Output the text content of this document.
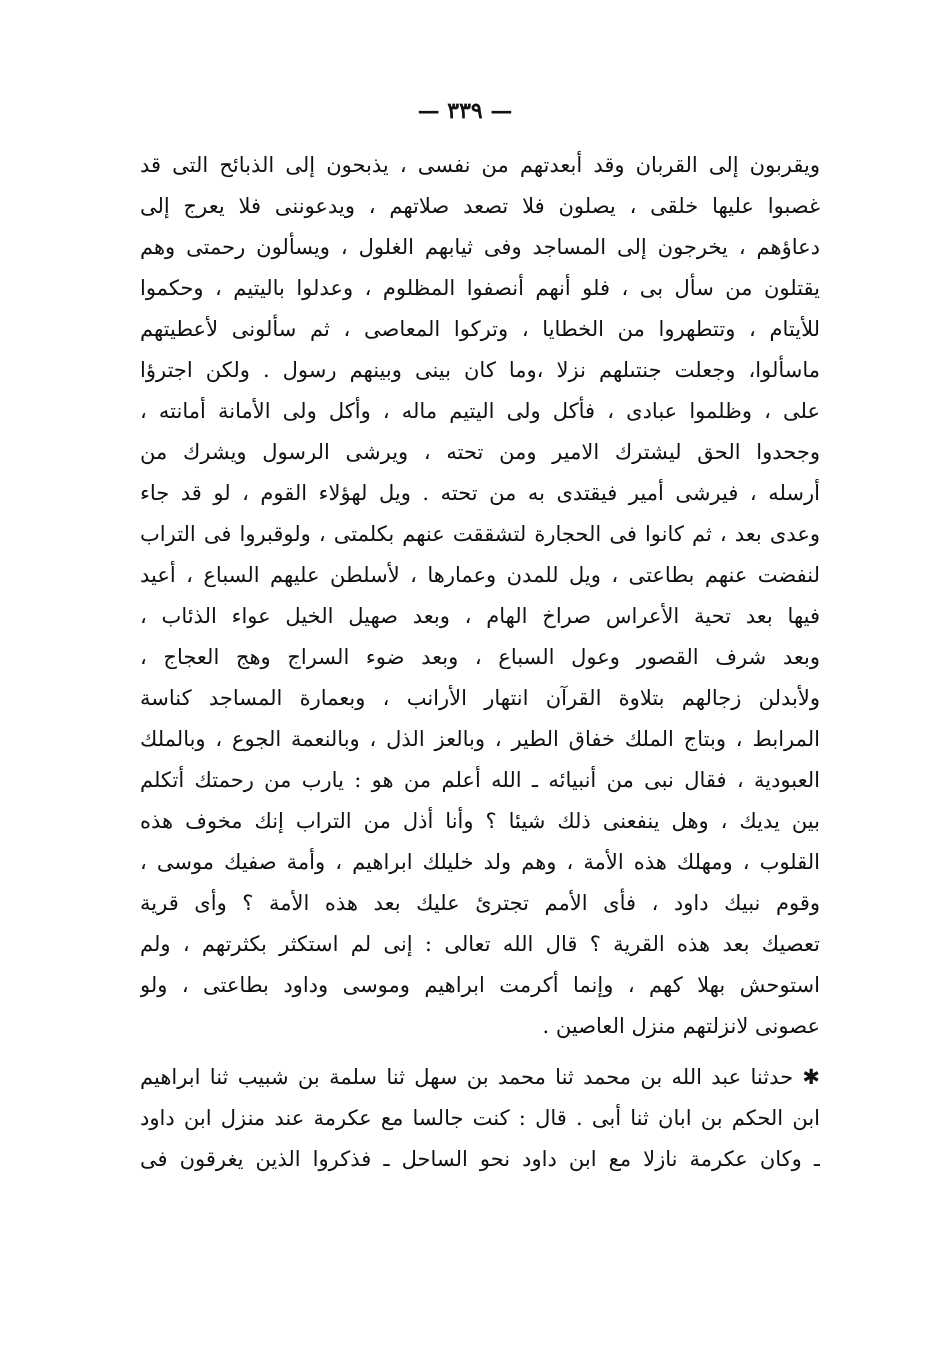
— ٣٣٩ —
ويقربون إلى القربان وقد أبعدتهم من نفسى ، يذبحون إلى الذبائح التى قد
غصبوا عليها خلقى ، يصلون فلا تصعد صلاتهم ، ويدعوننى فلا يعرج إلى
دعاؤهم ، يخرجون إلى المساجد وفى ثيابهم الغلول ، ويسألون رحمتى وهم
يقتلون من سأل بى ، فلو أنهم أنصفوا المظلوم ، وعدلوا باليتيم ، وحكموا
للأيتام ، وتتطهروا من الخطايا ، وتركوا المعاصى ، ثم سألونى لأعطيتهم
ماسألوا، وجعلت جنتىلهم نزلا ،وما كان بينى وبينهم رسول . ولكن اجترؤا
على ، وظلموا عبادى ، فأكل ولى اليتيم ماله ، وأكل ولى الأمانة أمانته ،
وجحدوا الحق ليشترك الامير ومن تحته ، ويرشى الرسول ويشرك من
أرسله ، فيرشى أمير فيقتدى به من تحته . ويل لهؤلاء القوم ، لو قد جاء
وعدى بعد ، ثم كانوا فى الحجارة لتشققت عنهم بكلمتى ، ولوقبروا فى التراب
لنفضت عنهم بطاعتى ، ويل للمدن وعمارها ، لأسلطن عليهم السباع ، أعيد
فيها بعد تحية الأعراس صراخ الهام ، وبعد صهيل الخيل عواء الذئاب ،
وبعد شرف القصور وعول السباع ، وبعد ضوء السراج وهج العجاج ،
ولأبدلن زجالهم بتلاوة القرآن انتهار الأرانب ، وبعمارة المساجد كناسة
المرابط ، وبتاج الملك خفاق الطير ، وبالعز الذل ، وبالنعمة الجوع ، وبالملك
العبودية ، فقال نبى من أنبيائه ـ الله أعلم من هو : يارب من رحمتك أتكلم
بين يديك ، وهل ينفعنى ذلك شيئا ؟ وأنا أذل من التراب إنك مخوف هذه
القلوب ، ومهلك هذه الأمة ، وهم ولد خليلك ابراهيم ، وأمة صفيك موسى ،
وقوم نبيك داود ، فأى الأمم تجترئ عليك بعد هذه الأمة ؟ وأى قرية
تعصيك بعد هذه القرية ؟ قال الله تعالى : إنى لم استكثر بكثرتهم ، ولم
استوحش بهلا كهم ، وإنما أكرمت ابراهيم وموسى وداود بطاعتى ، ولو
عصونى لانزلتهم منزل العاصين .
✱ حدثنا عبد الله بن محمد ثنا محمد بن سهل ثنا سلمة بن شبيب ثنا ابراهيم
ابن الحكم بن ابان ثنا أبى . قال : كنت جالسا مع عكرمة عند منزل ابن داود
ـ وكان عكرمة نازلا مع ابن داود نحو الساحل ـ فذكروا الذين يغرقون فى
